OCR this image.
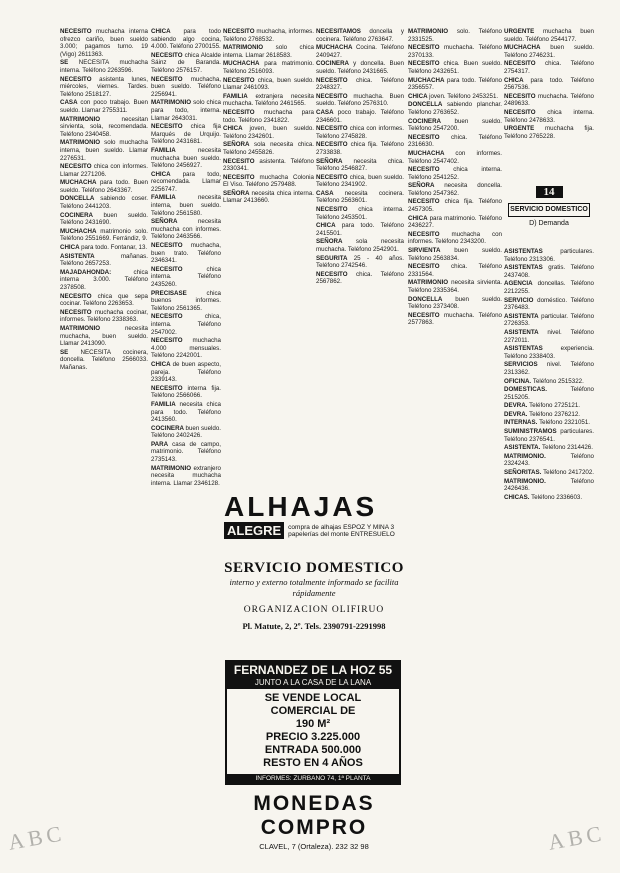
NECESITO muchacha interna ofrezco cariño, buen sueldo 3.000; pagamos turno. 19 (Vigo) 2611363.

SE NECESITA muchacha interna. Teléfono 2263596.

NECESITO asistenta lunes, miércoles, viernes. Tardes. Teléfono 2518127.

CASA con poco trabajo. Buen sueldo. Llamar 2755311.

MATRIMONIO necesitan sirvienta, sola, recomendada. Teléfono 2340458.

MATRIMONIO solo muchacha interna, buen sueldo. Llamar 2276531.

NECESITO chica con informes. Llamar 2271206.

MUCHACHA para todo. Buen sueldo. Teléfono 2643367.

DONCELLA sabiendo coser. Teléfono 2441203.

COCINERA buen sueldo. Teléfono 2431690.

MUCHACHA matrimonio solo. Teléfono 2551669. Ferrándiz, 9.

CHICA para todo. Fontanar, 13.

ASISTENTA mañanas. Teléfono 2657253.

MAJADAHONDA: chica interna 3.000. Teléfono 2378508.

NECESITO chica que sepa cocinar. Teléfono 2263653.

NECESITO muchacha cocinar, informes. Teléfono 2338363.

MATRIMONIO necesita muchacha, buen sueldo. Llamar 2413090.

SE NECESITA cocinera, doncella. Teléfono 2566033. Mañanas.

CHICA para todo sabiendo algo cocina, 4.000. Teléfono 2700155.

NECESITO chica Alcalde Sáinz de Baranda. Teléfono 2576157.

NECESITO muchacha, buen sueldo. Teléfono 2256941.

MATRIMONIO solo chica para todo, interna. Llamar 2643031.

NECESITO chica fija Marqués de Urquijo. Teléfono 2431681.

FAMILIA necesita muchacha buen sueldo. Teléfono 2456927.

CHICA para todo, recomendada. Llamar 2256747.

FAMILIA necesita interna, buen sueldo. Teléfono 2561580.

SEÑORA necesita muchacha con informes. Teléfono 2463566.

NECESITO muchacha, buen trato. Teléfono 2346341.

NECESITO chica interna. Teléfono 2435260.

PRECISASE chica buenos informes. Teléfono 2561365.

NECESITO chica, interna. Teléfono 2547002.

NECESITO muchacha 4.000 mensuales. Teléfono 2242001.

CHICA de buen aspecto, pareja. Teléfono 2339143.

NECESITO interna fija. Teléfono 2566066.

FAMILIA necesita chica para todo. Teléfono 2413560.

COCINERA buen sueldo. Teléfono 2402426.

PARA casa de campo, matrimonio. Teléfono 2735143.

MATRIMONIO extranjero necesita muchacha interna. Llamar 2346128.

NECESITO muchacha, informes. Teléfono 2768532.

MATRIMONIO solo chica interna. Llamar 2618583.

MUCHACHA para matrimonio. Teléfono 2516093.

NECESITO chica, buen sueldo. Llamar 2461093.

FAMILIA extranjera necesita muchacha. Teléfono 2461565.

NECESITO muchacha para todo. Teléfono 2341822.

CHICA joven, buen sueldo. Teléfono 2342601.

SEÑORA sola necesita chica. Teléfono 2455826.

NECESITO asistenta. Teléfono 2330341.

NECESITO muchacha Colonia El Viso. Teléfono 2579488.

SEÑORA necesita chica interna. Llamar 2413660.

NECESITAMOS doncella y cocinera. Teléfono 2763647.

MUCHACHA Cocina. Teléfono 2409427.

COCINERA y doncella. Buen sueldo. Teléfono 2431665.

NECESITO chica. Teléfono 2248327.

NECESITO muchacha. Buen sueldo. Teléfono 2576310.

CASA poco trabajo. Teléfono 2346601.

NECESITO chica con informes. Teléfono 2745828.

NECESITO chica fija. Teléfono 2733838.

SEÑORA necesita chica. Teléfono 2546827.

NECESITO chica, buen sueldo. Teléfono 2341902.

CASA necesita cocinera. Teléfono 2563601.

NECESITO chica interna. Teléfono 2453501.

CHICA para todo. Teléfono 2415501.

SEÑORA sola necesita muchacha. Teléfono 2542901.

SEGURITA 25 - 40 años. Teléfono 2742546.

NECESITO chica. Teléfono 2567862.

MATRIMONIO solo. Teléfono 2331525.

NECESITO muchacha. Teléfono 2370133.

NECESITO chica. Buen sueldo. Teléfono 2432651.

MUCHACHA para todo. Teléfono 2356557.

CHICA joven. Teléfono 2453251.

DONCELLA sabiendo planchar. Teléfono 2763652.

COCINERA buen sueldo. Teléfono 2547200.

NECESITO chica. Teléfono 2316630.

MUCHACHA con informes. Teléfono 2547402.

NECESITO chica interna. Teléfono 2541252.

SEÑORA necesita doncella. Teléfono 2547362.

NECESITO chica fija. Teléfono 2457305.

CHICA para matrimonio. Teléfono 2436227.

NECESITO muchacha con informes. Teléfono 2343200.

SIRVIENTA buen sueldo. Teléfono 2563834.

NECESITO chica. Teléfono 2331564.

MATRIMONIO necesita sirvienta. Teléfono 2335364.

DONCELLA buen sueldo. Teléfono 2373408.

NECESITO muchacha. Teléfono 2577863.

URGENTE muchacha buen sueldo. Teléfono 2544177.

MUCHACHA buen sueldo. Teléfono 2746231.

NECESITO chica. Teléfono 2754317.

CHICA para todo. Teléfono 2567536.

NECESITO muchacha. Teléfono 2489633.

NECESITO chica interna. Teléfono 2478633.

URGENTE muchacha fija. Teléfono 2765228.

ASISTENTAS particulares. Teléfono 2313306.

ASISTENTAS gratis. Teléfono 2437408.

AGENCIA doncellas. Teléfono 2212255.

SERVICIO doméstico. Teléfono 2376483.

ASISTENTA particular. Teléfono 2726353.

ASISTENTA nivel. Teléfono 2272011.

ASISTENTAS experiencia. Teléfono 2338403.

SERVICIOS nivel. Teléfono 2313362.

OFICINA. Teléfono 2515322.

DOMESTICAS. Teléfono 2515205.

DEVRA. Teléfono 2725121.

DEVRA. Teléfono 2376212.

INTERNAS. Teléfono 2321051.

SUMINISTRAMOS particulares. Teléfono 2376541.

ASISTENTA. Teléfono 2314426.

MATRIMONIO. Teléfono 2324243.

SEÑORITAS. Teléfono 2417202.

MATRIMONIO. Teléfono 2426436.

CHICAS. Teléfono 2336603.

14
SERVICIO DOMESTICO
D) Demanda
ALHAJAS
ALEGRE	compra de alhajas ESPOZ Y MINA 3 papelerías del monte ENTRESUELO
SERVICIO DOMESTICO
interno y externo totalmente informado se facilita rápidamente
ORGANIZACION OLIFIRUO
Pl. Matute, 2, 2º. Tels. 2390791-2291998
FERNANDEZ DE LA HOZ 55
JUNTO A LA CASA DE LA LANA
SE VENDE LOCAL
COMERCIAL DE
190 M²
PRECIO 3.225.000
ENTRADA 500.000
RESTO EN 4 AÑOS
INFORMES: ZURBANO 74, 1ª PLANTA
MONEDAS COMPRO
CLAVEL, 7 (Ortaleza). 232 32 98
ABC	ABC
